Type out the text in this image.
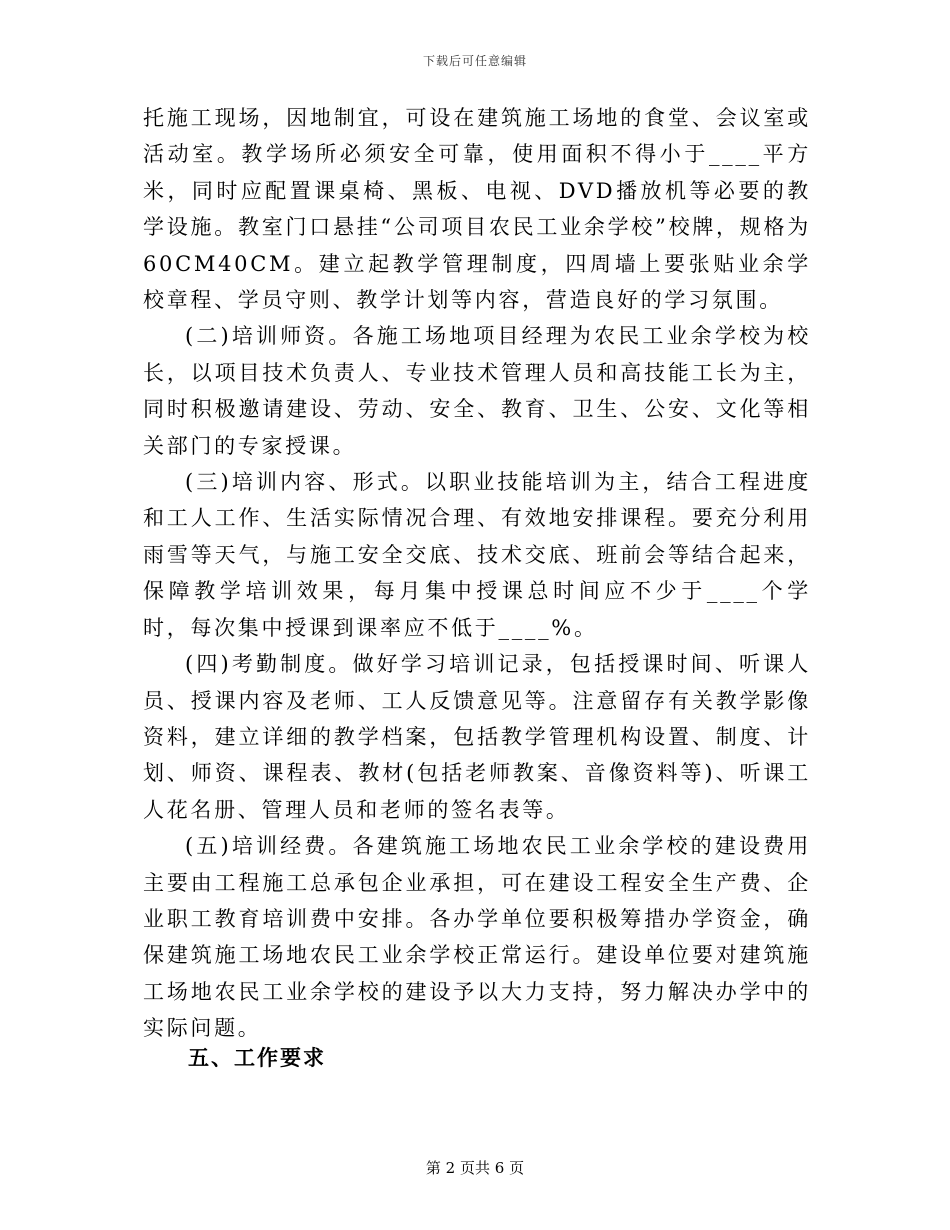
下载后可任意编辑

托施工现场，因地制宜，可设在建筑施工场地的食堂、会议室或活动室。教学场所必须安全可靠，使用面积不得小于____平方米，同时应配置课桌椅、黑板、电视、DVD播放机等必要的教学设施。教室门口悬挂“公司项目农民工业余学校”校牌，规格为60CM40CM。建立起教学管理制度，四周墙上要张贴业余学校章程、学员守则、教学计划等内容，营造良好的学习氛围。

(二)培训师资。各施工场地项目经理为农民工业余学校为校长，以项目技术负责人、专业技术管理人员和高技能工长为主，同时积极邀请建设、劳动、安全、教育、卫生、公安、文化等相关部门的专家授课。

(三)培训内容、形式。以职业技能培训为主，结合工程进度和工人工作、生活实际情况合理、有效地安排课程。要充分利用雨雪等天气，与施工安全交底、技术交底、班前会等结合起来，保障教学培训效果，每月集中授课总时间应不少于____个学时，每次集中授课到课率应不低于____%。

(四)考勤制度。做好学习培训记录，包括授课时间、听课人员、授课内容及老师、工人反馈意见等。注意留存有关教学影像资料，建立详细的教学档案，包括教学管理机构设置、制度、计划、师资、课程表、教材(包括老师教案、音像资料等)、听课工人花名册、管理人员和老师的签名表等。

(五)培训经费。各建筑施工场地农民工业余学校的建设费用主要由工程施工总承包企业承担，可在建设工程安全生产费、企业职工教育培训费中安排。各办学单位要积极筹措办学资金，确保建筑施工场地农民工业余学校正常运行。建设单位要对建筑施工场地农民工业余学校的建设予以大力支持，努力解决办学中的实际问题。

五、工作要求
第 2 页共 6 页
